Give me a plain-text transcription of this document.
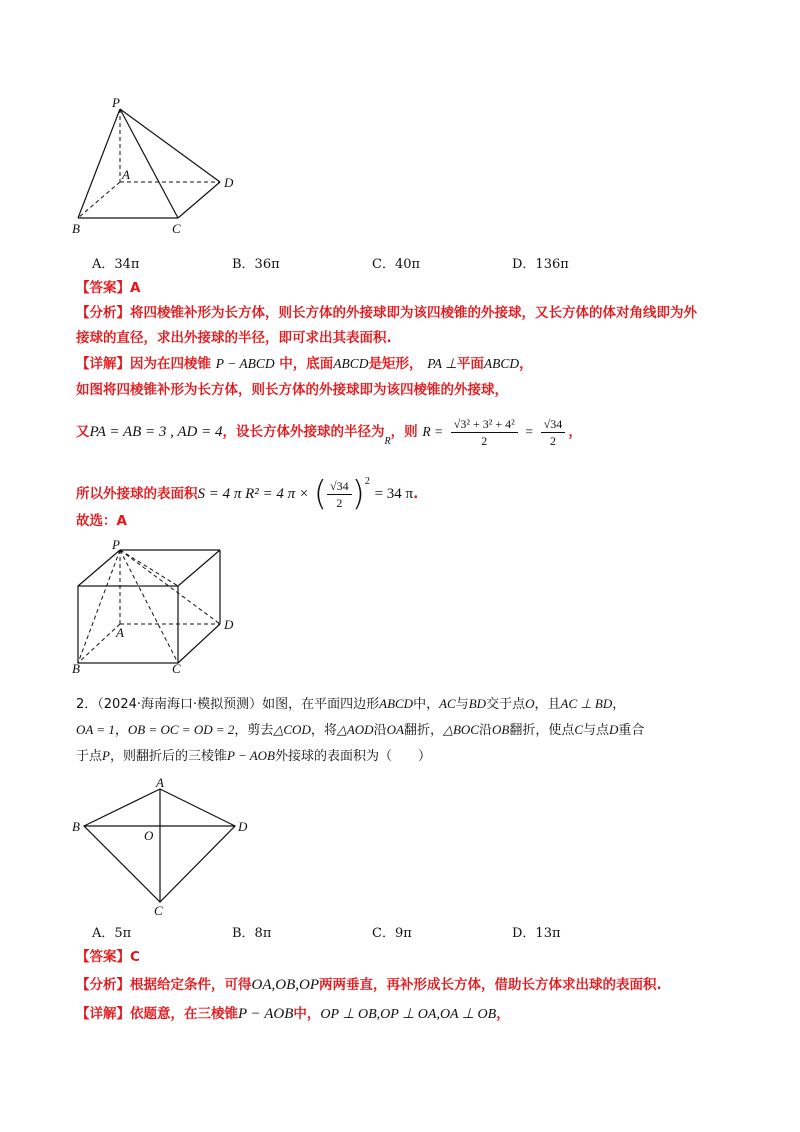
P
A
B	C
D
A．34π	B．36π	C．40π	D．136π
【答案】A
【分析】将四棱锥补形为长方体，则长方体的外接球即为该四棱锥的外接球，又长方体的体对角线即为外
接球的直径，求出外接球的半径，即可求出其表面积.
【详解】因为在四棱锥 P − ABCD 中，底面ABCD是矩形， PA ⊥平面ABCD，
如图将四棱锥补形为长方体，则长方体的外接球即为该四棱锥的外接球，
又PA = AB = 3 , AD = 4，设长方体外接球的半径为$_R$，则 $R = \frac{\text{√3² + 3² + 4²}}{2} = \frac{√34}{2}$ ，
所以外接球的表面积S = 4 π R² = 4 π × ( $\frac{√34}{2} )^2 = 34$ π.
故选：A
P
A
B	C
D
2．（2024·海南海口·模拟预测）如图，在平面四边形ABCD中，AC与BD交于点O，且AC ⊥ BD，
OA = 1，OB = OC = OD = 2，剪去△COD，将△AOD沿OA翻折，△BOC沿OB翻折，使点C与点D重合
于点P，则翻折后的三棱锥P − AOB外接球的表面积为（　　）
A
B
C
D
O
A．5π	B．8π	C．9π	D．13π
【答案】C
【分析】根据给定条件，可得OA,OB,OP两两垂直，再补形成长方体，借助长方体求出球的表面积.
【详解】依题意，在三棱锥P − AOB中，OP ⊥ OB,OP ⊥ OA,OA ⊥ OB，
